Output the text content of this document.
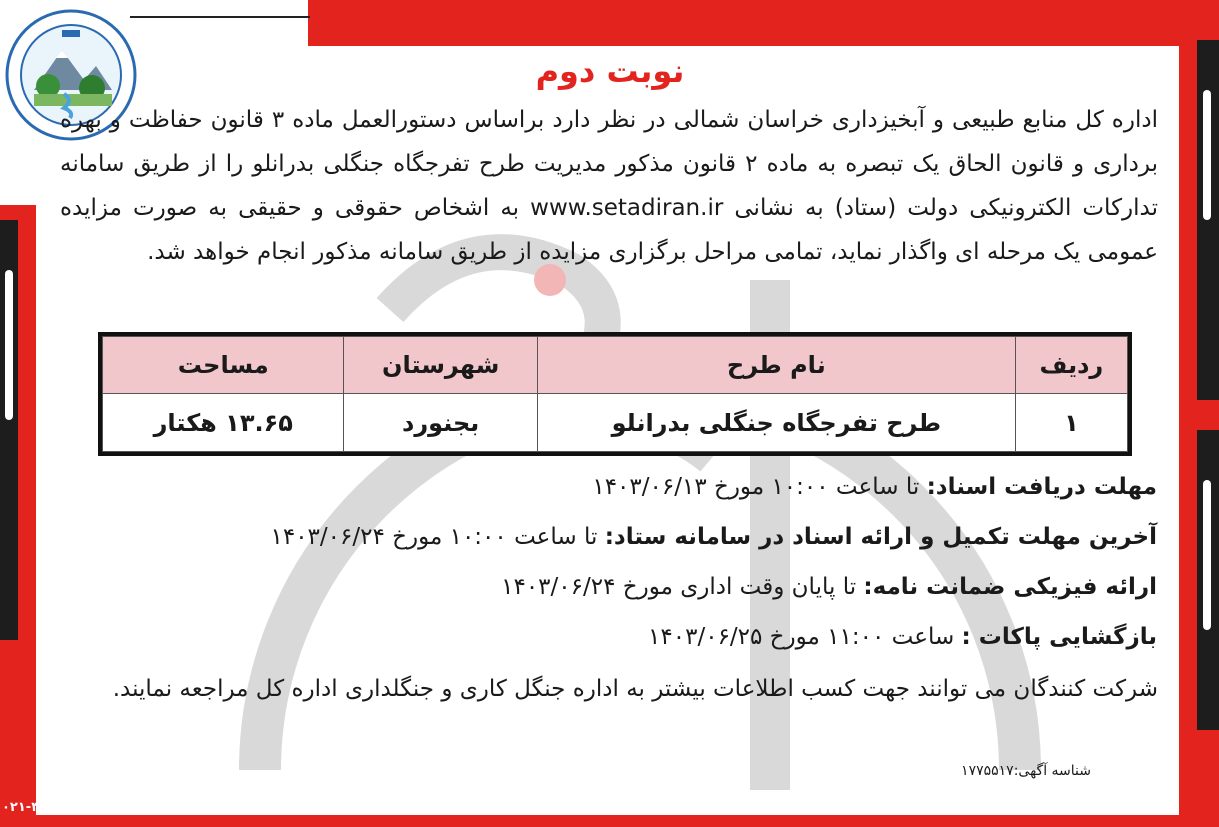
نوبت دوم

اداره کل منابع طبیعی و آبخیزداری خراسان شمالی در نظر دارد براساس دستورالعمل ماده ۳ قانون حفاظت و بهره برداری و قانون الحاق یک تبصره به ماده ۲ قانون مذکور مدیریت طرح تفرجگاه جنگلی بدرانلو را از طریق سامانه تدارکات الکترونیکی دولت (ستاد) به نشانی www.setadiran.ir به اشخاص حقوقی و حقیقی به صورت مزایده عمومی یک مرحله ای واگذار نماید، تمامی مراحل برگزاری مزایده از طریق سامانه مذکور انجام خواهد شد.

ردیف	نام طرح	شهرستان	مساحت
۱	طرح تفرجگاه جنگلی بدرانلو	بجنورد	۱۳.۶۵ هکتار
مهلت دریافت اسناد: تا ساعت ۱۰:۰۰ مورخ ۱۴۰۳/۰۶/۱۳
آخرین مهلت تکمیل و ارائه اسناد در سامانه ستاد: تا ساعت ۱۰:۰۰ مورخ ۱۴۰۳/۰۶/۲۴
ارائه فیزیکی ضمانت نامه: تا پایان وقت اداری مورخ ۱۴۰۳/۰۶/۲۴
بازگشایی پاکات : ساعت ۱۱:۰۰ مورخ ۱۴۰۳/۰۶/۲۵

شرکت کنندگان می توانند جهت کسب اطلاعات بیشتر به اداره جنگل کاری و جنگلداری اداره کل مراجعه نمایند.

شناسه آگهی:۱۷۷۵۵۱۷
۰۲۱-۳۰۲۴۹۹
